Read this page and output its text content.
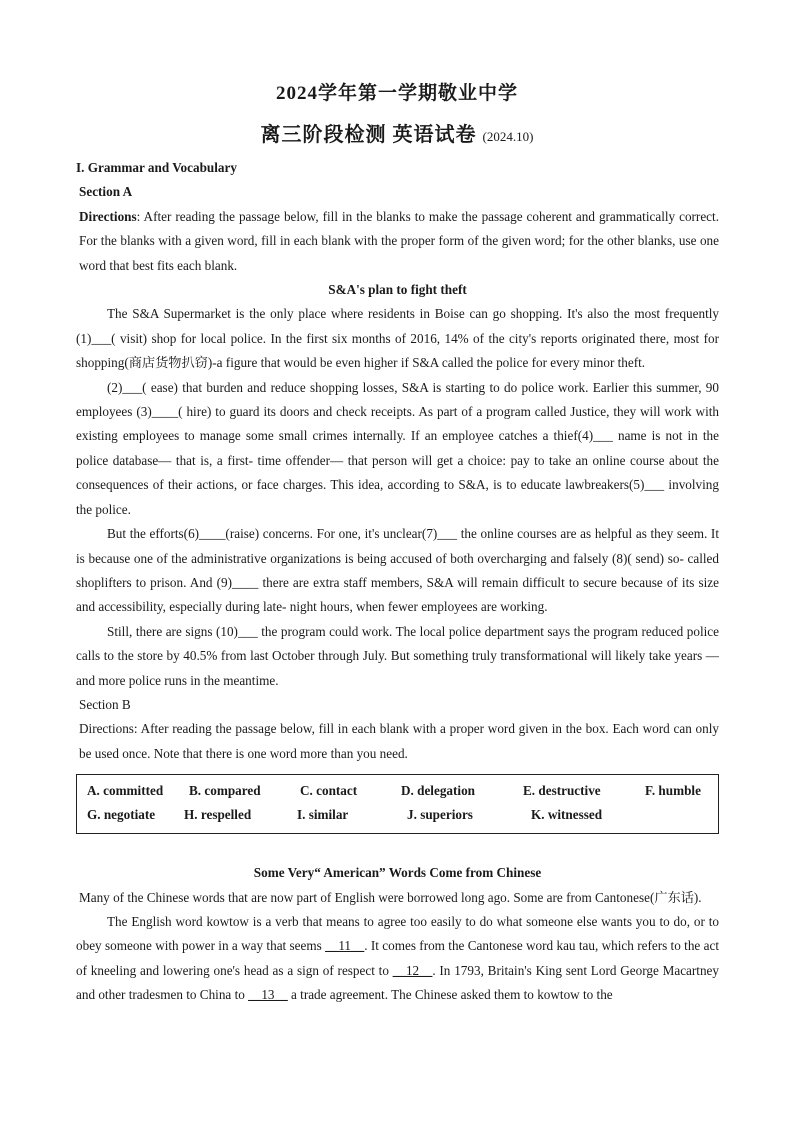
2024学年第一学期敬业中学
离三阶段检测 英语试卷 (2024.10)

I. Grammar and Vocabulary

Section A

Directions: After reading the passage below, fill in the blanks to make the passage coherent and grammatically correct. For the blanks with a given word, fill in each blank with the proper form of the given word; for the other blanks, use one word that best fits each blank.

S&A's plan to fight theft

The S&A Supermarket is the only place where residents in Boise can go shopping. It's also the most frequently (1)___( visit) shop for local police. In the first six months of 2016, 14% of the city's reports originated there, most for shopping(商店货物扒窃)-a figure that would be even higher if S&A called the police for every minor theft.

(2)___( ease) that burden and reduce shopping losses, S&A is starting to do police work. Earlier this summer, 90 employees (3)____( hire) to guard its doors and check receipts. As part of a program called Justice, they will work with existing employees to manage some small crimes internally. If an employee catches a thief(4)___ name is not in the police database— that is, a first- time offender— that person will get a choice: pay to take an online course about the consequences of their actions, or face charges. This idea, according to S&A, is to educate lawbreakers(5)___ involving the police.

But the efforts(6)____(raise) concerns. For one, it's unclear(7)___ the online courses are as helpful as they seem. It is because one of the administrative organizations is being accused of both overcharging and falsely (8)( send) so- called shoplifters to prison. And (9)____ there are extra staff members, S&A will remain difficult to secure because of its size and accessibility, especially during late- night hours, when fewer employees are working.

Still, there are signs (10)___ the program could work. The local police department says the program reduced police calls to the store by 40.5% from last October through July. But something truly transformational will likely take years — and more police runs in the meantime.

Section B

Directions: After reading the passage below, fill in each blank with a proper word given in the box. Each word can only be used once. Note that there is one word more than you need.

A. committed B. compared	C. contact	D. delegation	E. destructive	F. humble
G. negotiate H. respelled	I. similar	J. superiors	K. witnessed

Some Very“ American” Words Come from Chinese

Many of the Chinese words that are now part of English were borrowed long ago. Some are from Cantonese(广东话).

The English word kowtow is a verb that means to agree too easily to do what someone else wants you to do, or to obey someone with power in a way that seems __11__. It comes from the Cantonese word kau tau, which refers to the act of kneeling and lowering one's head as a sign of respect to __12__. In 1793, Britain's King sent Lord George Macartney and other tradesmen to China to __13__ a trade agreement. The Chinese asked them to kowtow to the
